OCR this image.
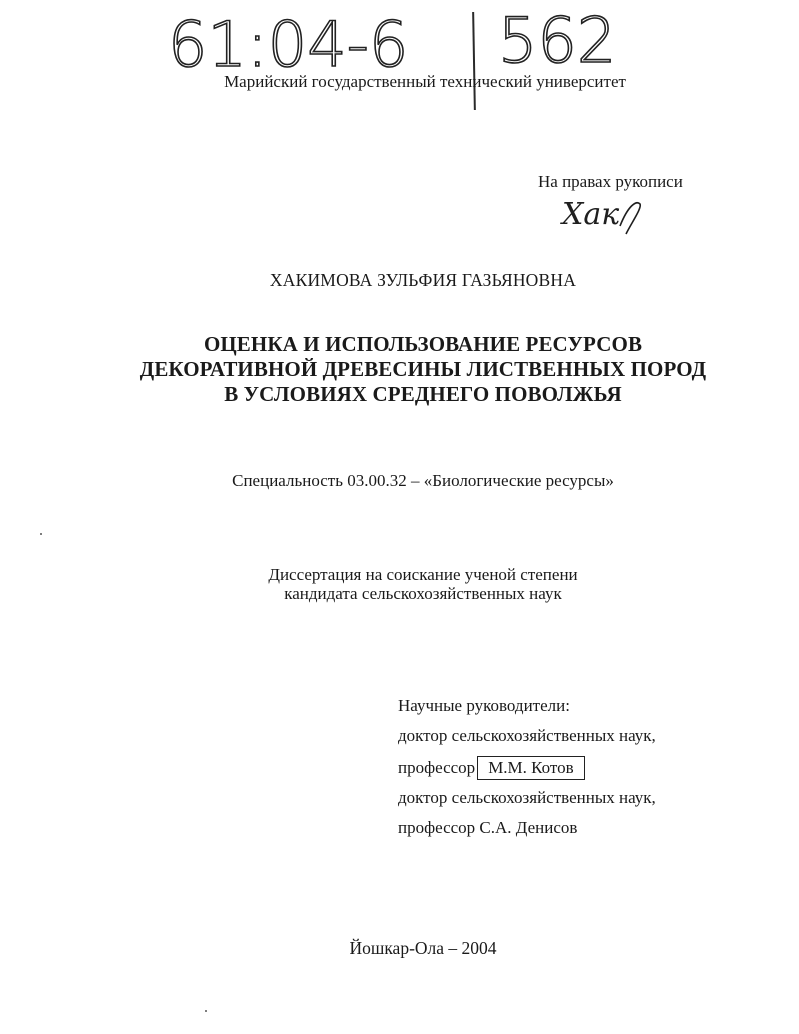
61:04-6 562
Марийский государственный технический университет
На правах рукописи
Хак
ХАКИМОВА ЗУЛЬФИЯ ГАЗЬЯНОВНА
ОЦЕНКА И ИСПОЛЬЗОВАНИЕ РЕСУРСОВ
ДЕКОРАТИВНОЙ ДРЕВЕСИНЫ ЛИСТВЕННЫХ ПОРОД
В УСЛОВИЯХ СРЕДНЕГО ПОВОЛЖЬЯ
Специальность 03.00.32 – «Биологические ресурсы»
Диссертация на соискание ученой степени
кандидата сельскохозяйственных наук
Научные руководители:
доктор сельскохозяйственных наук,
профессор М.М. Котов
доктор сельскохозяйственных наук,
профессор С.А. Денисов
Йошкар-Ола – 2004
